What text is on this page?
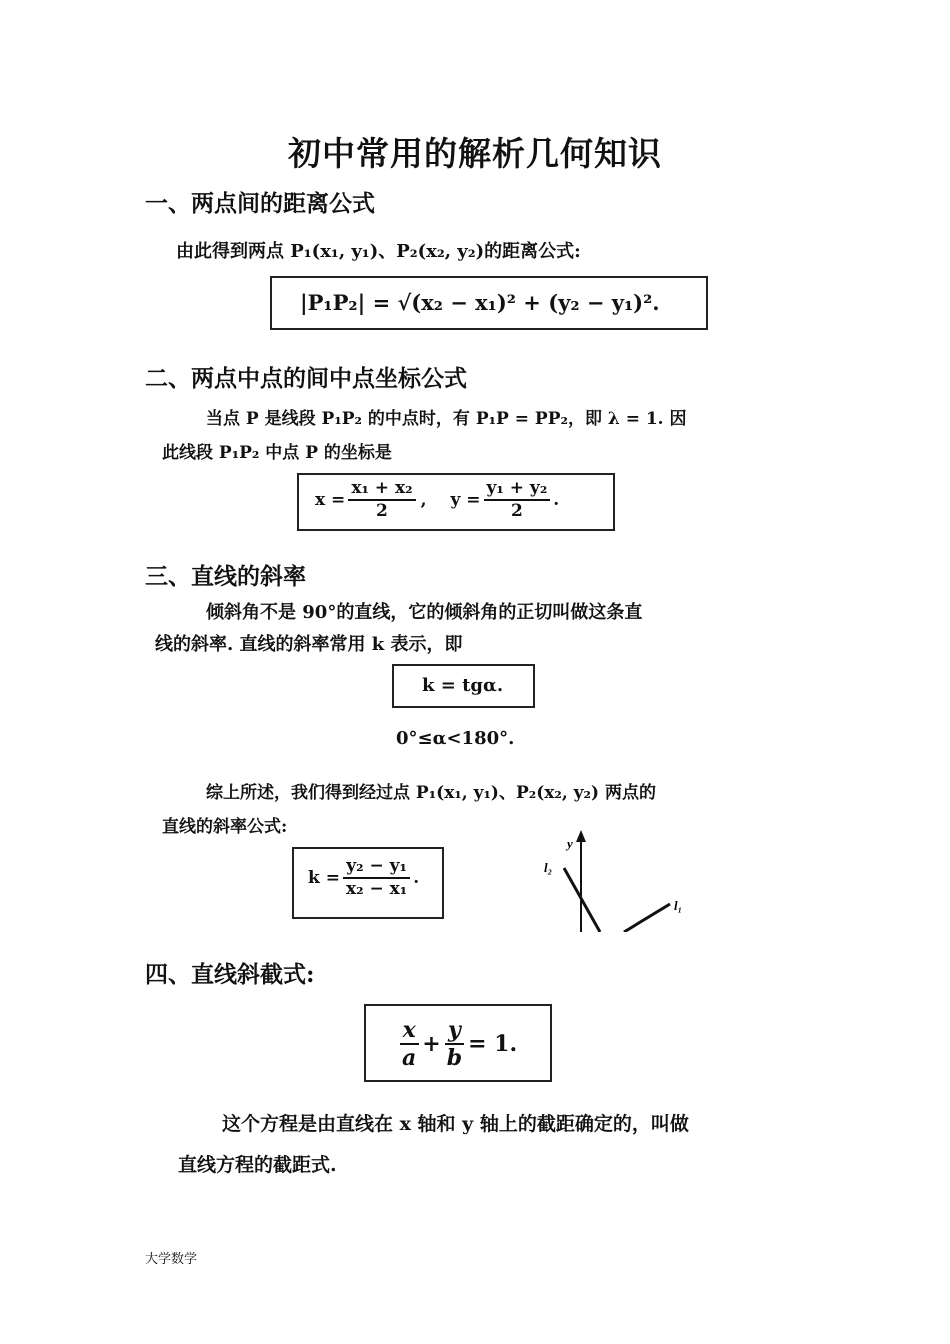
初中常用的解析几何知识
一、两点间的距离公式
由此得到两点 P₁(x₁, y₁)、P₂(x₂, y₂)的距离公式:
|P₁P₂| = √(x₂ − x₁)² + (y₂ − y₁)².
二、两点中点的间中点坐标公式
当点 P 是线段 P₁P₂ 的中点时，有 P₁P = PP₂，即 λ = 1. 因
此线段 P₁P₂ 中点 P 的坐标是
$x = \frac{\text{x₁ + x₂}}{2}$ , $y = \frac{\text{y₁ + y₂}}{2}$ .
三、直线的斜率
倾斜角不是 90°的直线，它的倾斜角的正切叫做这条直
线的斜率. 直线的斜率常用 k 表示，即
k = tgα.
0°≤α<180°.
综上所述，我们得到经过点 P₁(x₁, y₁)、P₂(x₂, y₂) 两点的
直线的斜率公式:
$k = \frac{\text{y₂ − y₁}}{\text{x₂ − x₁}}$ .
y
l₂
l₁
四、直线斜截式:
$\frac{x}{a} + \frac{y}{b} = 1$.
这个方程是由直线在 x 轴和 y 轴上的截距确定的，叫做
直线方程的截距式.
大学数学
